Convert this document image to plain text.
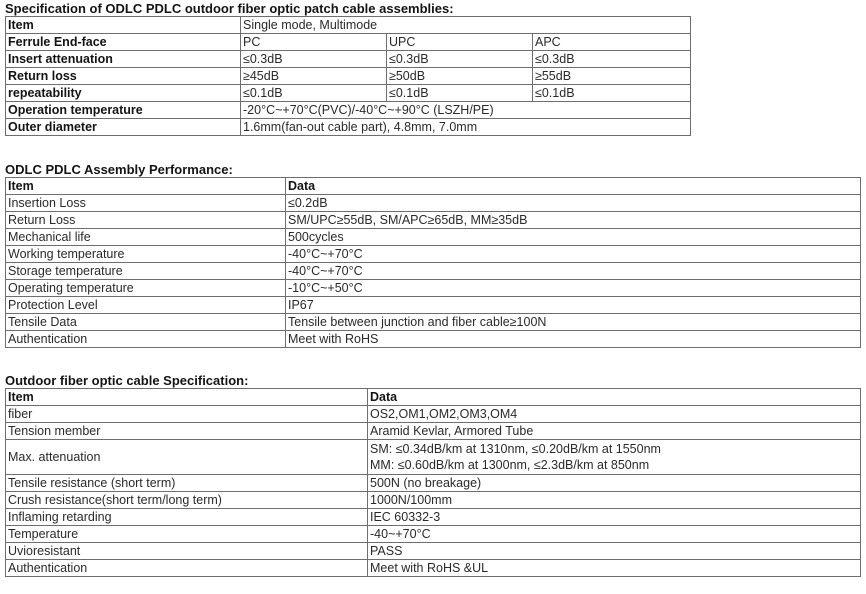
Specification of ODLC PDLC outdoor fiber optic patch cable assemblies:
Item	Single mode, Multimode		
Ferrule End-face	PC	UPC	APC
Insert attenuation	≤0.3dB	≤0.3dB	≤0.3dB
Return loss	≥45dB	≥50dB	≥55dB
repeatability	≤0.1dB	≤0.1dB	≤0.1dB
Operation temperature	-20°C~+70°C(PVC)/-40°C~+90°C (LSZH/PE)		
Outer diameter	1.6mm(fan-out cable part), 4.8mm, 7.0mm		
ODLC PDLC Assembly Performance:
Item	Data
Insertion Loss	≤0.2dB
Return Loss	SM/UPC≥55dB, SM/APC≥65dB, MM≥35dB
Mechanical life	500cycles
Working temperature	-40°C~+70°C
Storage temperature	-40°C~+70°C
Operating temperature	-10°C~+50°C
Protection Level	IP67
Tensile Data	Tensile between junction and fiber cable≥100N
Authentication	Meet with RoHS
Outdoor fiber optic cable Specification:
Item	Data
fiber	OS2,OM1,OM2,OM3,OM4
Tension member	Aramid Kevlar, Armored Tube
Max. attenuation	SM: ≤0.34dB/km at 1310nm, ≤0.20dB/km at 1550nm
MM: ≤0.60dB/km at 1300nm, ≤2.3dB/km at 850nm

Tensile resistance (short term)	500N (no breakage)
Crush resistance(short term/long term)	1000N/100mm
Inflaming retarding	IEC 60332-3
Temperature	-40~+70°C
Uvioresistant	PASS
Authentication	Meet with RoHS &UL
